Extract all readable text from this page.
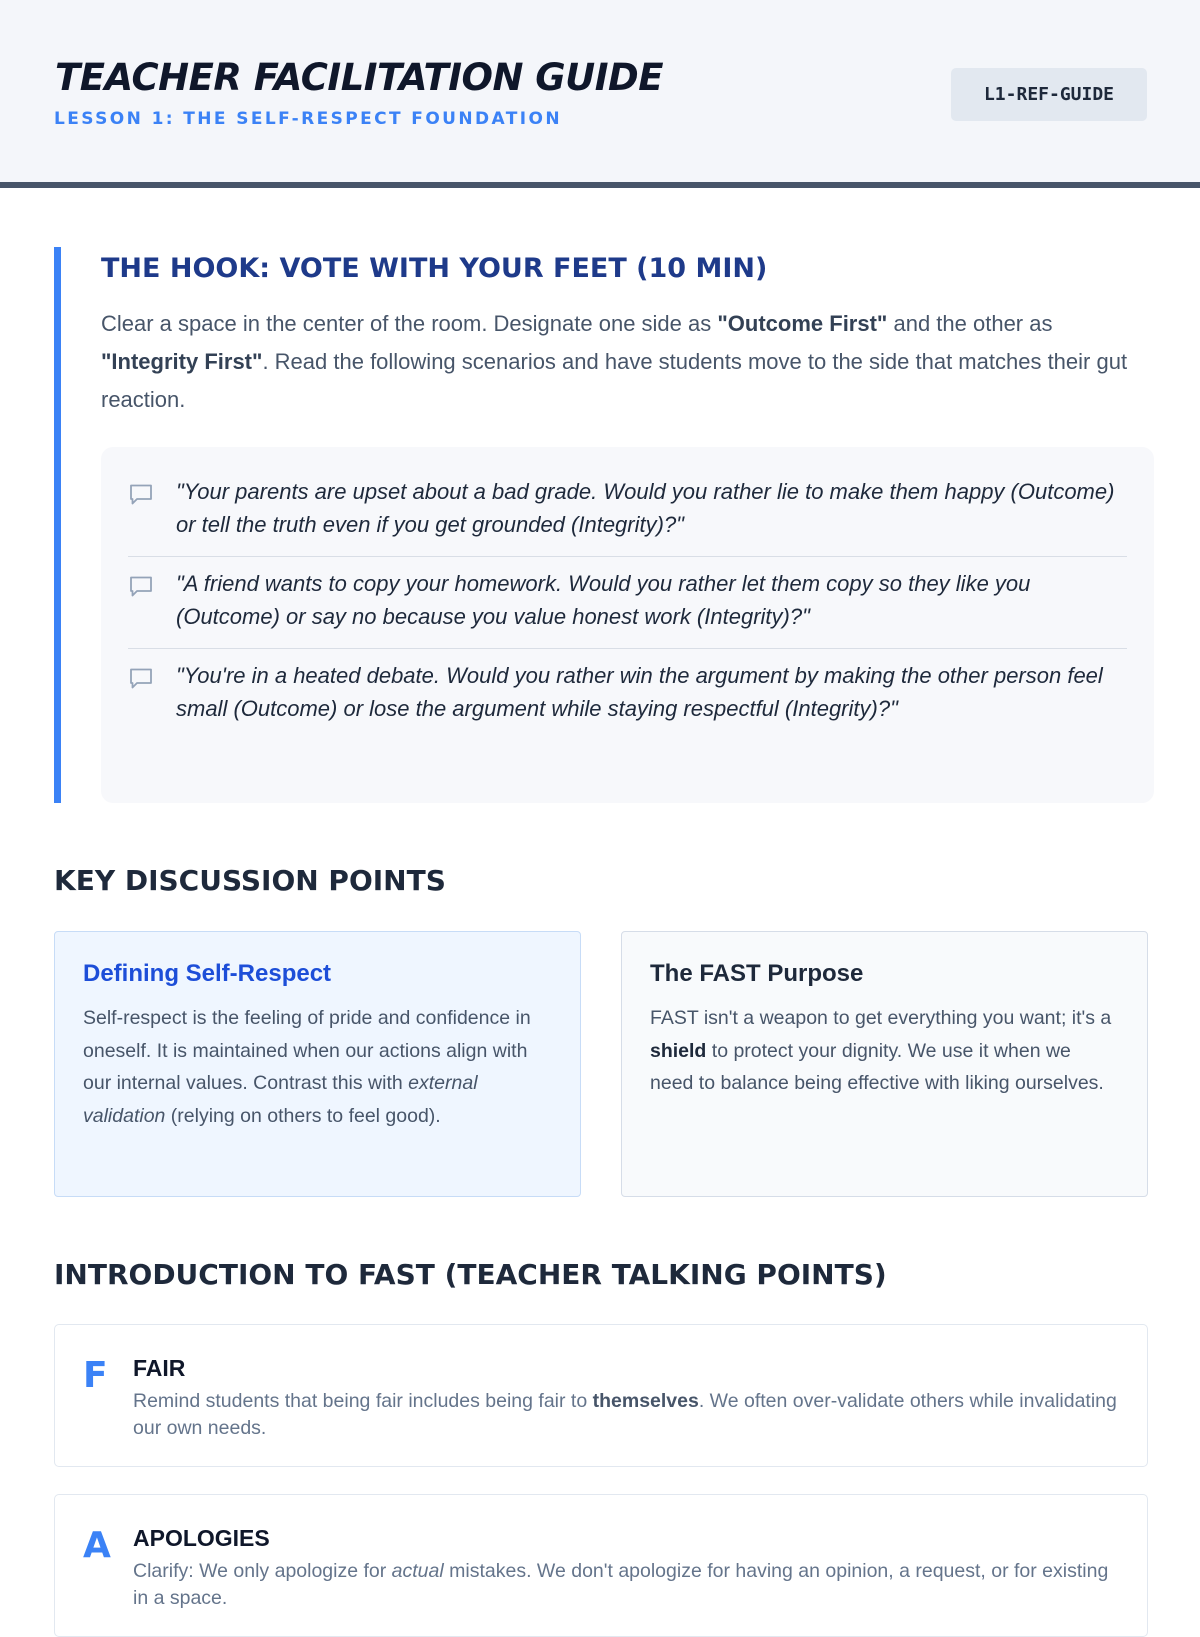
TEACHER FACILITATION GUIDE
LESSON 1: THE SELF-RESPECT FOUNDATION
L1-REF-GUIDE
THE HOOK: VOTE WITH YOUR FEET (10 MIN)

Clear a space in the center of the room. Designate one side as "Outcome First" and the other as "Integrity First". Read the following scenarios and have students move to the side that matches their gut reaction.

"Your parents are upset about a bad grade. Would you rather lie to make them happy (Outcome) or tell the truth even if you get grounded (Integrity)?"
"A friend wants to copy your homework. Would you rather let them copy so they like you (Outcome) or say no because you value honest work (Integrity)?"
"You're in a heated debate. Would you rather win the argument by making the other person feel small (Outcome) or lose the argument while staying respectful (Integrity)?"
KEY DISCUSSION POINTS
Defining Self-Respect

Self-respect is the feeling of pride and confidence in oneself. It is maintained when our actions align with our internal values. Contrast this with external validation (relying on others to feel good).

The FAST Purpose

FAST isn't a weapon to get everything you want; it's a shield to protect your dignity. We use it when we need to balance being effective with liking ourselves.

INTRODUCTION TO FAST (TEACHER TALKING POINTS)
F FAIR

Remind students that being fair includes being fair to themselves. We often over-validate others while invalidating our own needs.

A APOLOGIES

Clarify: We only apologize for actual mistakes. We don't apologize for having an opinion, a request, or for existing in a space.
